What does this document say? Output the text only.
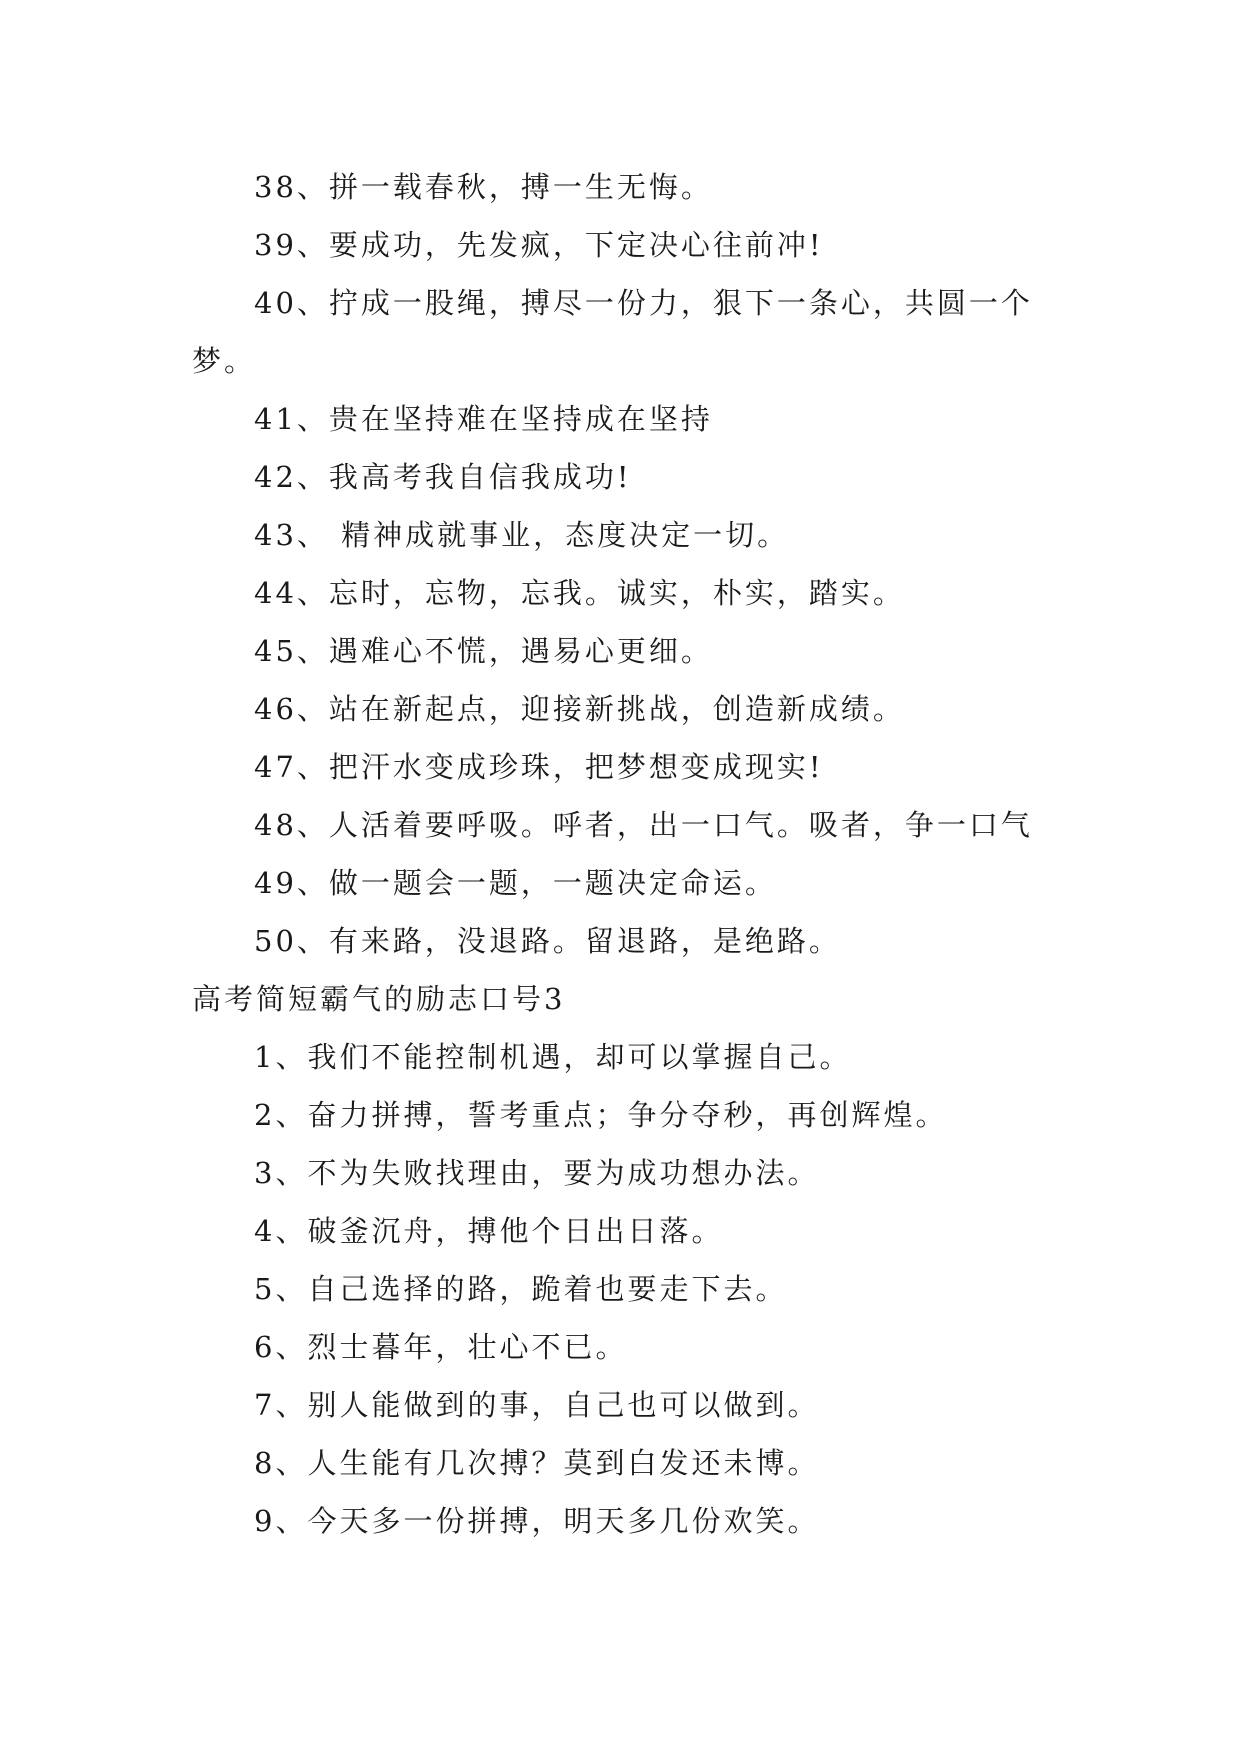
38、拼一载春秋，搏一生无悔。

39、要成功，先发疯，下定决心往前冲!

40、拧成一股绳，搏尽一份力，狠下一条心，共圆一个梦。

41、贵在坚持难在坚持成在坚持

42、我高考我自信我成功!

43、 精神成就事业，态度决定一切。

44、忘时，忘物，忘我。诚实，朴实，踏实。

45、遇难心不慌，遇易心更细。

46、站在新起点，迎接新挑战，创造新成绩。

47、把汗水变成珍珠，把梦想变成现实!

48、人活着要呼吸。呼者，出一口气。吸者，争一口气

49、做一题会一题，一题决定命运。

50、有来路，没退路。留退路，是绝路。

高考简短霸气的励志口号3

1、我们不能控制机遇，却可以掌握自己。

2、奋力拼搏，誓考重点；争分夺秒，再创辉煌。

3、不为失败找理由，要为成功想办法。

4、破釜沉舟，搏他个日出日落。

5、自己选择的路，跪着也要走下去。

6、烈士暮年，壮心不已。

7、别人能做到的事，自己也可以做到。

8、人生能有几次搏？莫到白发还未博。

9、今天多一份拼搏，明天多几份欢笑。
